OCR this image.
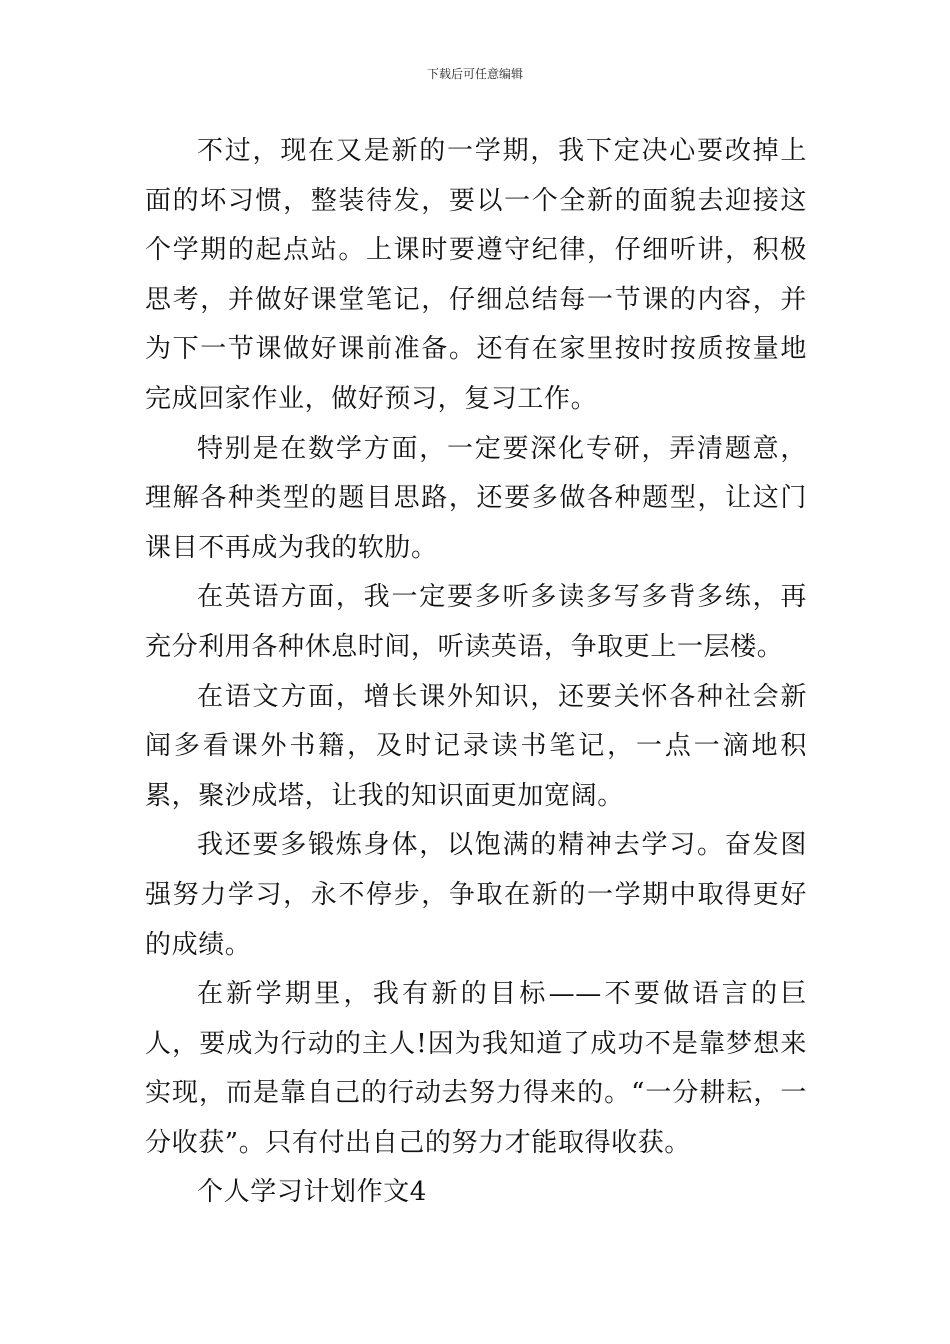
下载后可任意编辑

不过，现在又是新的一学期，我下定决心要改掉上面的坏习惯，整装待发，要以一个全新的面貌去迎接这个学期的起点站。上课时要遵守纪律，仔细听讲，积极思考，并做好课堂笔记，仔细总结每一节课的内容，并为下一节课做好课前准备。还有在家里按时按质按量地完成回家作业，做好预习，复习工作。

特别是在数学方面，一定要深化专研，弄清题意，理解各种类型的题目思路，还要多做各种题型，让这门课目不再成为我的软肋。

在英语方面，我一定要多听多读多写多背多练，再充分利用各种休息时间，听读英语，争取更上一层楼。

在语文方面，增长课外知识，还要关怀各种社会新闻多看课外书籍，及时记录读书笔记，一点一滴地积累，聚沙成塔，让我的知识面更加宽阔。

我还要多锻炼身体，以饱满的精神去学习。奋发图强努力学习，永不停步，争取在新的一学期中取得更好的成绩。

在新学期里，我有新的目标——不要做语言的巨人，要成为行动的主人!因为我知道了成功不是靠梦想来实现，而是靠自己的行动去努力得来的。“一分耕耘，一分收获”。只有付出自己的努力才能取得收获。

个人学习计划作文4
